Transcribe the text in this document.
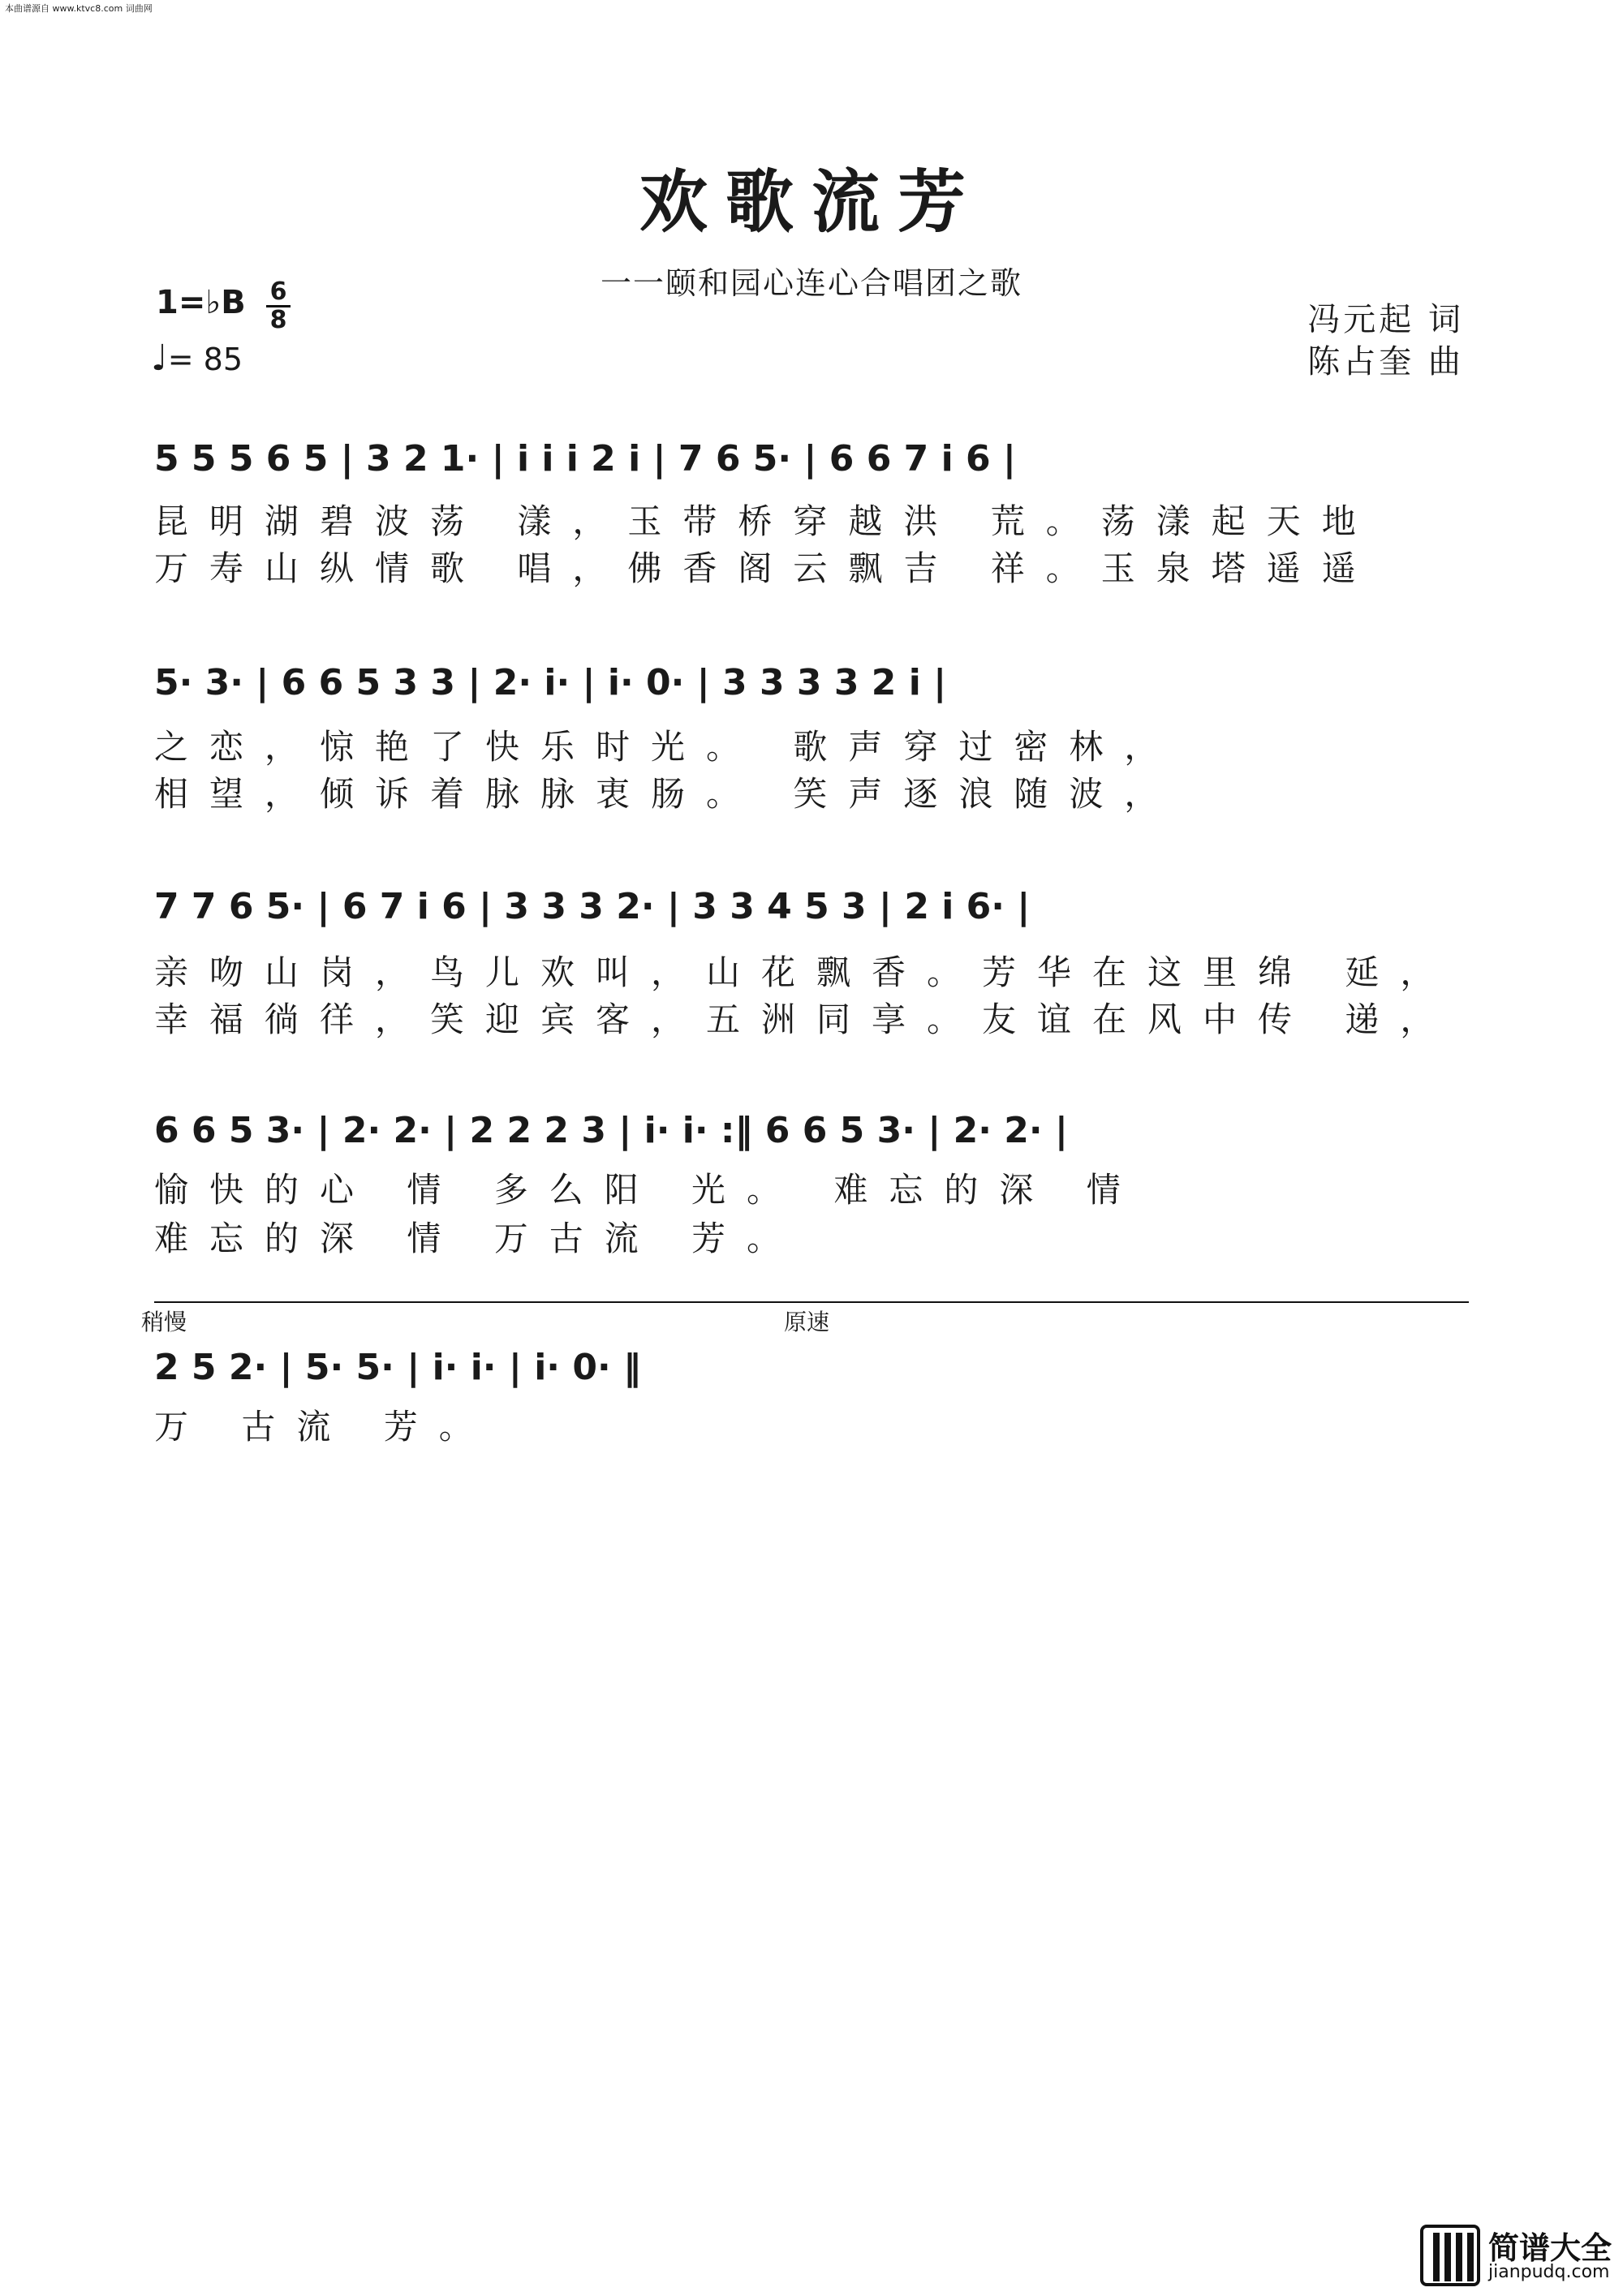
本曲谱源自 www.ktvc8.com 词曲网
欢歌流芳
一一颐和园心连心合唱团之歌
冯元起 词
陈占奎 曲
1=♭B 6
8
♩= 85
5 5 5 6 5 | 3 2 1· | i i i 2 i | 7 6 5· | 6 6 7 i 6 |
昆明湖碧波荡 漾，玉带桥穿越洪 荒。荡漾起天地
万寿山纵情歌 唱，佛香阁云飘吉 祥。玉泉塔遥遥
5· 3· | 6 6 5 3 3 | 2· i· | i· 0· | 3 3 3 3 2 i |
之恋，惊艳了快乐时光。 歌声穿过密林，
相望，倾诉着脉脉衷肠。 笑声逐浪随波，
7 7 6 5· | 6 7 i 6 | 3 3 3 2· | 3 3 4 5 3 | 2 i 6· |
亲吻山岗，鸟儿欢叫，山花飘香。芳华在这里绵 延，
幸福徜徉，笑迎宾客，五洲同享。友谊在风中传 递，
6 6 5 3· | 2· 2· | 2 2 2 3 | i· i· :‖ 6 6 5 3· | 2· 2· |
愉快的心 情 多么阳 光。 难忘的深 情
难忘的深 情 万古流 芳。
稍慢	原速
2 5 2· | 5· 5· | i· i· | i· 0· ‖
万 古流 芳。
简谱大全
jianpudq.com
